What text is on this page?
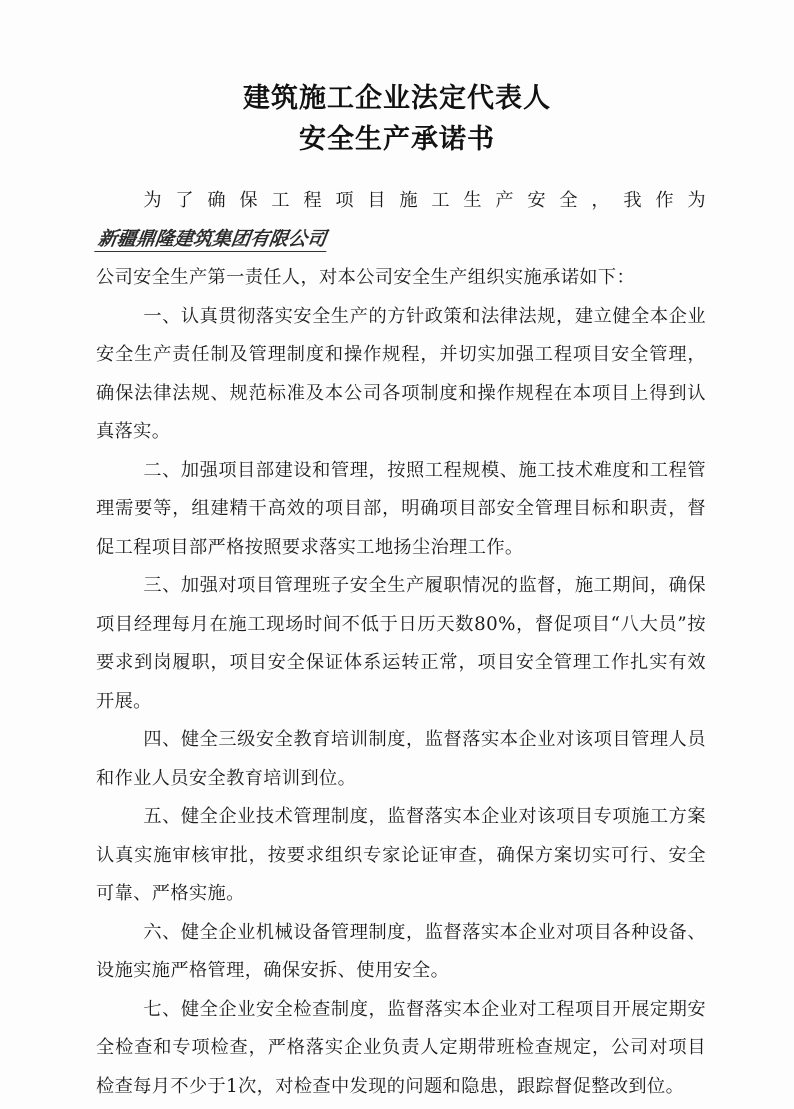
建筑施工企业法定代表人
安全生产承诺书

为了确保工程项目施工生产安全，我作为新疆鼎隆建筑集团有限公司
公司安全生产第一责任人，对本公司安全生产组织实施承诺如下：

一、认真贯彻落实安全生产的方针政策和法律法规，建立健全本企业安全生产责任制及管理制度和操作规程，并切实加强工程项目安全管理，确保法律法规、规范标准及本公司各项制度和操作规程在本项目上得到认真落实。

二、加强项目部建设和管理，按照工程规模、施工技术难度和工程管理需要等，组建精干高效的项目部，明确项目部安全管理目标和职责，督促工程项目部严格按照要求落实工地扬尘治理工作。

三、加强对项目管理班子安全生产履职情况的监督，施工期间，确保项目经理每月在施工现场时间不低于日历天数80%，督促项目“八大员”按要求到岗履职，项目安全保证体系运转正常，项目安全管理工作扎实有效开展。

四、健全三级安全教育培训制度，监督落实本企业对该项目管理人员和作业人员安全教育培训到位。

五、健全企业技术管理制度，监督落实本企业对该项目专项施工方案认真实施审核审批，按要求组织专家论证审查，确保方案切实可行、安全可靠、严格实施。

六、健全企业机械设备管理制度，监督落实本企业对项目各种设备、设施实施严格管理，确保安拆、使用安全。

七、健全企业安全检查制度，监督落实本企业对工程项目开展定期安全检查和专项检查，严格落实企业负责人定期带班检查规定，公司对项目检查每月不少于1次，对检查中发现的问题和隐患，跟踪督促整改到位。
